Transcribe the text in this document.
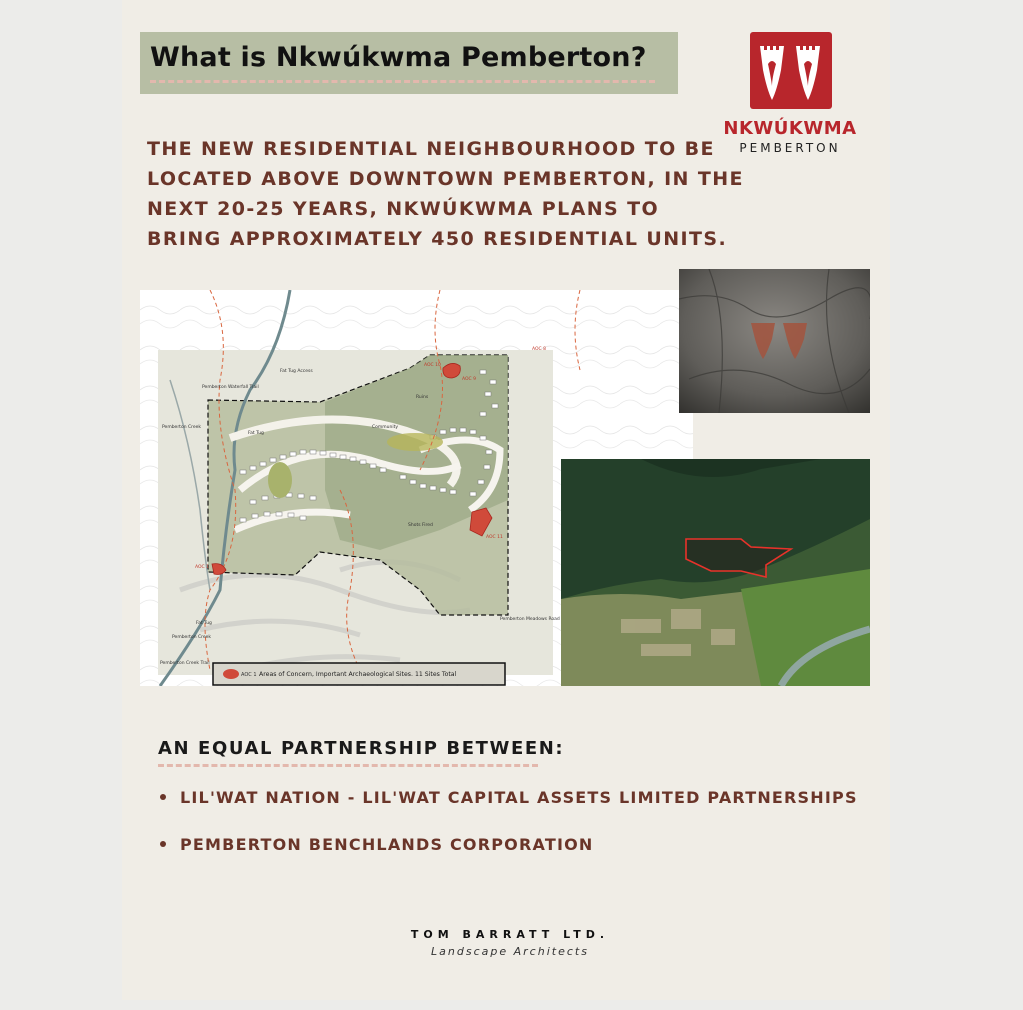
What is Nkwúkwma Pemberton?
NKWÚKWMA
PEMBERTON
THE NEW RESIDENTIAL NEIGHBOURHOOD TO BE
LOCATED ABOVE DOWNTOWN PEMBERTON, IN THE
NEXT 20-25 YEARS, NKWÚKWMA PLANS TO
BRING APPROXIMATELY 450 RESIDENTIAL UNITS.
Pemberton Waterfall Trail
Fat Tug Access
Fat Tug
Fat Tug
Pemberton Creek
Pemberton Creek
Pemberton Creek Trail
Ruins
Community
Shots Fired
Pemberton Meadows Road
AOC 1
AOC 8
AOC 9
AOC 10
AOC 11
AOC 1 Areas of Concern, Important Archaeological Sites. 11 Sites Total
AN EQUAL PARTNERSHIP BETWEEN:
LIL'WAT NATION - LIL'WAT CAPITAL ASSETS LIMITED PARTNERSHIPS
PEMBERTON BENCHLANDS CORPORATION
TOM BARRATT LTD.
Landscape Architects
